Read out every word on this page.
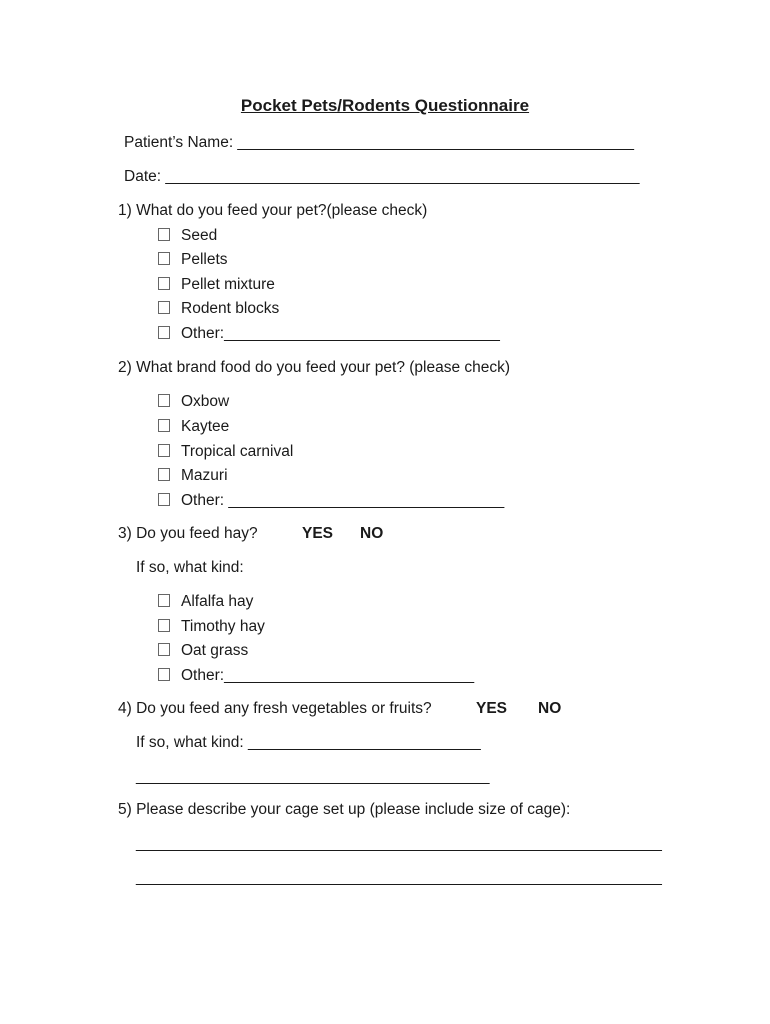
Pocket Pets/Rodents Questionnaire
Patient’s Name: ______________________________________________
Date: _______________________________________________________
1) What do you feed your pet?(please check)
Seed
Pellets
Pellet mixture
Rodent blocks
Other:________________________________
2) What brand food do you feed your pet? (please check)
Oxbow
Kaytee
Tropical carnival
Mazuri
Other: ________________________________
3) Do you feed hay?	YES NO
If so, what kind:
Alfalfa hay
Timothy hay
Oat grass
Other:_____________________________
4) Do you feed any fresh vegetables or fruits?	YES NO
If so, what kind: ___________________________
_________________________________________
5) Please describe your cage set up (please include size of cage):
_____________________________________________________________
_____________________________________________________________
